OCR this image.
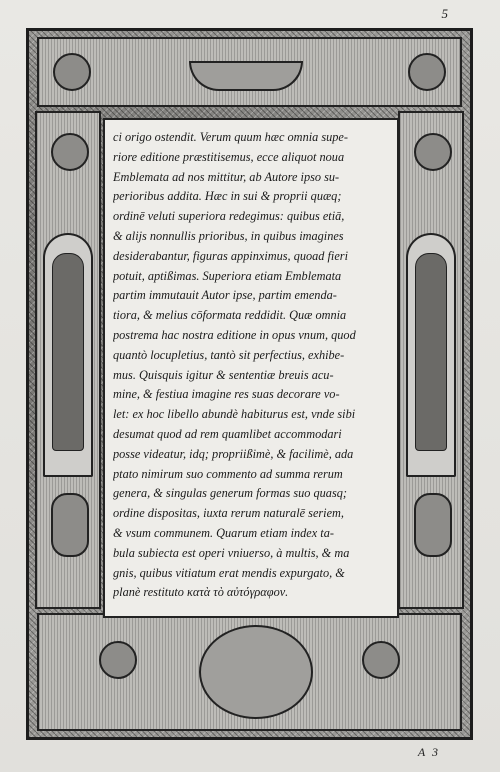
5
ci origo ostendit. Verum quum hæc omnia supe-
riore editione præstitisemus, ecce aliquot noua
Emblemata ad nos mittitur, ab Autore ipso su-
perioribus addita. Hæc in sui & proprii quæq;
ordinē veluti superiora redegimus: quibus etiā,
& alijs nonnullis prioribus, in quibus imagines
desiderabantur, figuras appinximus, quoad fieri
potuit, aptißimas. Superiora etiam Emblemata
partim immutauit Autor ipse, partim emenda-
tiora, & melius cōformata reddidit. Quæ omnia
postrema hac nostra editione in opus vnum, quod
quantò locupletius, tantò sit perfectius, exhibe-
mus. Quisquis igitur & sententiæ breuis acu-
mine, & festiua imagine res suas decorare vo-
let: ex hoc libello abundè habiturus est, vnde sibi
desumat quod ad rem quamlibet accommodari
posse videatur, idq; propriißimè, & facilimè, ada
ptato nimirum suo commento ad summa rerum
genera, & singulas generum formas suo quasq;
ordine dispositas, iuxta rerum naturalē seriem,
& vsum communem. Quarum etiam index ta-
bula subiecta est operi vniuerso, à multis, & ma
gnis, quibus vitiatum erat mendis expurgato, &
planè restituto κατὰ τὸ αὐτόγραφον.
A 3
